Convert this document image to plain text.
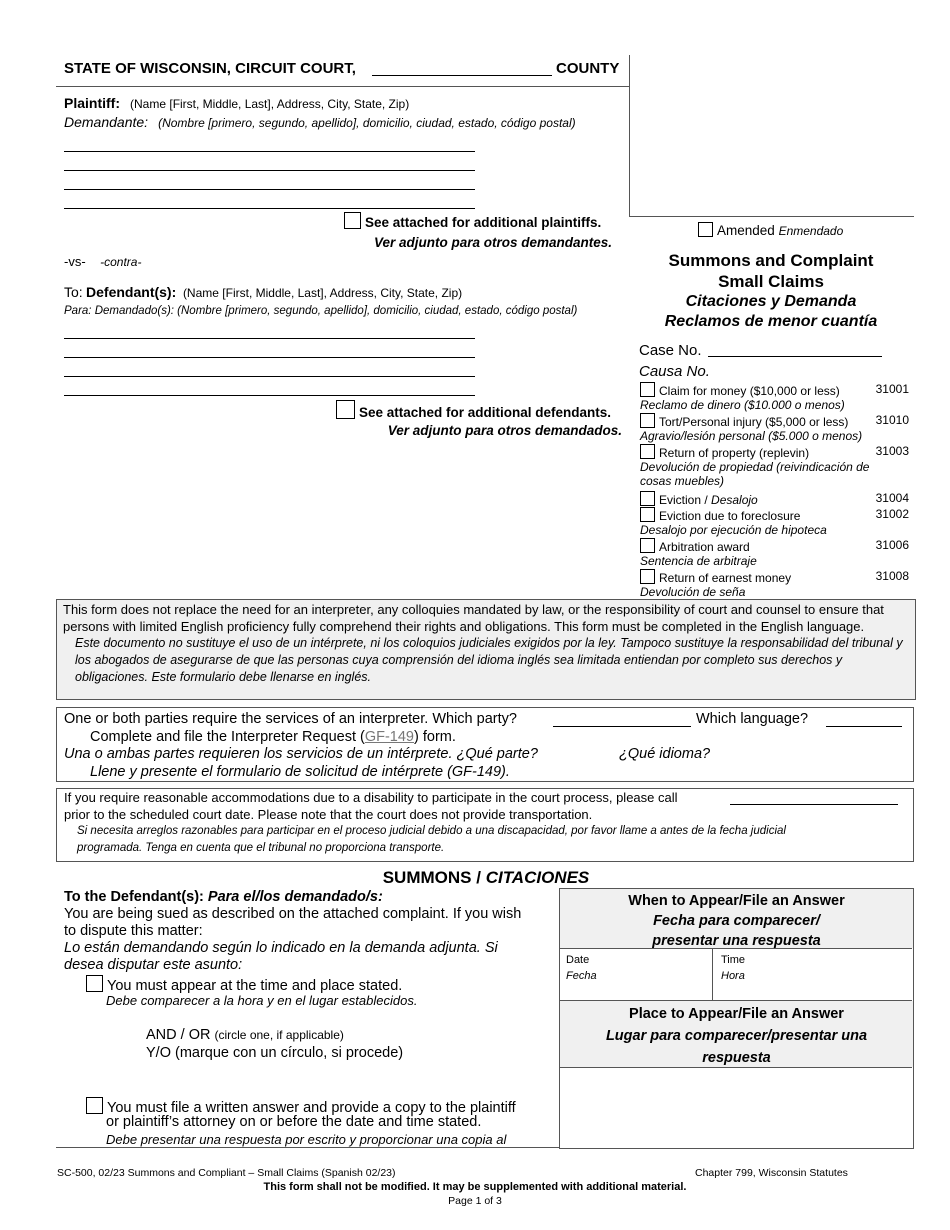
STATE OF WISCONSIN, CIRCUIT COURT,	COUNTY
Plaintiff: (Name [First, Middle, Last], Address, City, State, Zip)
Demandante: (Nombre [primero, segundo, apellido], domicilio, ciudad, estado, código postal)
See attached for additional plaintiffs.
Ver adjunto para otros demandantes.
-vs- -contra-
To: Defendant(s): (Name [First, Middle, Last], Address, City, State, Zip)
Para: Demandado(s): (Nombre [primero, segundo, apellido], domicilio, ciudad, estado, código postal)
See attached for additional defendants.
Ver adjunto para otros demandados.
Amended Enmendado
Summons and Complaint
Small Claims
Citaciones y Demanda
Reclamos de menor cuantía
Case No.
Causa No.
Claim for money ($10,000 or less)	31001
Reclamo de dinero ($10.000 o menos)
Tort/Personal injury ($5,000 or less)	31010
Agravio/lesión personal ($5.000 o menos)
Return of property (replevin)	31003
Devolución de propiedad (reivindicación de cosas muebles)
Eviction / Desalojo	31004
Eviction due to foreclosure	31002
Desalojo por ejecución de hipoteca
Arbitration award	31006
Sentencia de arbitraje
Return of earnest money	31008
Devolución de seña
This form does not replace the need for an interpreter, any colloquies mandated by law, or the responsibility of court and counsel to ensure that persons with limited English proficiency fully comprehend their rights and obligations. This form must be completed in the English language.
Este documento no sustituye el uso de un intérprete, ni los coloquios judiciales exigidos por la ley. Tampoco sustituye la responsabilidad del tribunal y los abogados de asegurarse de que las personas cuya comprensión del idioma inglés sea limitada entiendan por completo sus derechos y obligaciones. Este formulario debe llenarse en inglés.
One or both parties require the services of an interpreter. Which party?	Which language?
Complete and file the Interpreter Request (GF-149) form.
Una o ambas partes requieren los servicios de un intérprete. ¿Qué parte?	¿Qué idioma?
Llene y presente el formulario de solicitud de intérprete (GF-149).
If you require reasonable accommodations due to a disability to participate in the court process, please call
prior to the scheduled court date. Please note that the court does not provide transportation.
Si necesita arreglos razonables para participar en el proceso judicial debido a una discapacidad, por favor llame a antes de la fecha judicial
programada. Tenga en cuenta que el tribunal no proporciona transporte.
SUMMONS / CITACIONES
To the Defendant(s): Para el/los demandado/s:
You are being sued as described on the attached complaint. If you wish
to dispute this matter:
Lo están demandando según lo indicado en la demanda adjunta. Si
desea disputar este asunto:
You must appear at the time and place stated.
Debe comparecer a la hora y en el lugar establecidos.
AND / OR (circle one, if applicable)
Y/O (marque con un círculo, si procede)
You must file a written answer and provide a copy to the plaintiff
or plaintiff’s attorney on or before the date and time stated.
Debe presentar una respuesta por escrito y proporcionar una copia al
When to Appear/File an Answer
Fecha para comparecer/
presentar una respuesta
Date
Fecha
Time
Hora
Place to Appear/File an Answer
Lugar para comparecer/presentar una
respuesta
SC-500, 02/23 Summons and Compliant – Small Claims (Spanish 02/23)	Chapter 799, Wisconsin Statutes
This form shall not be modified. It may be supplemented with additional material.
Page 1 of 3
